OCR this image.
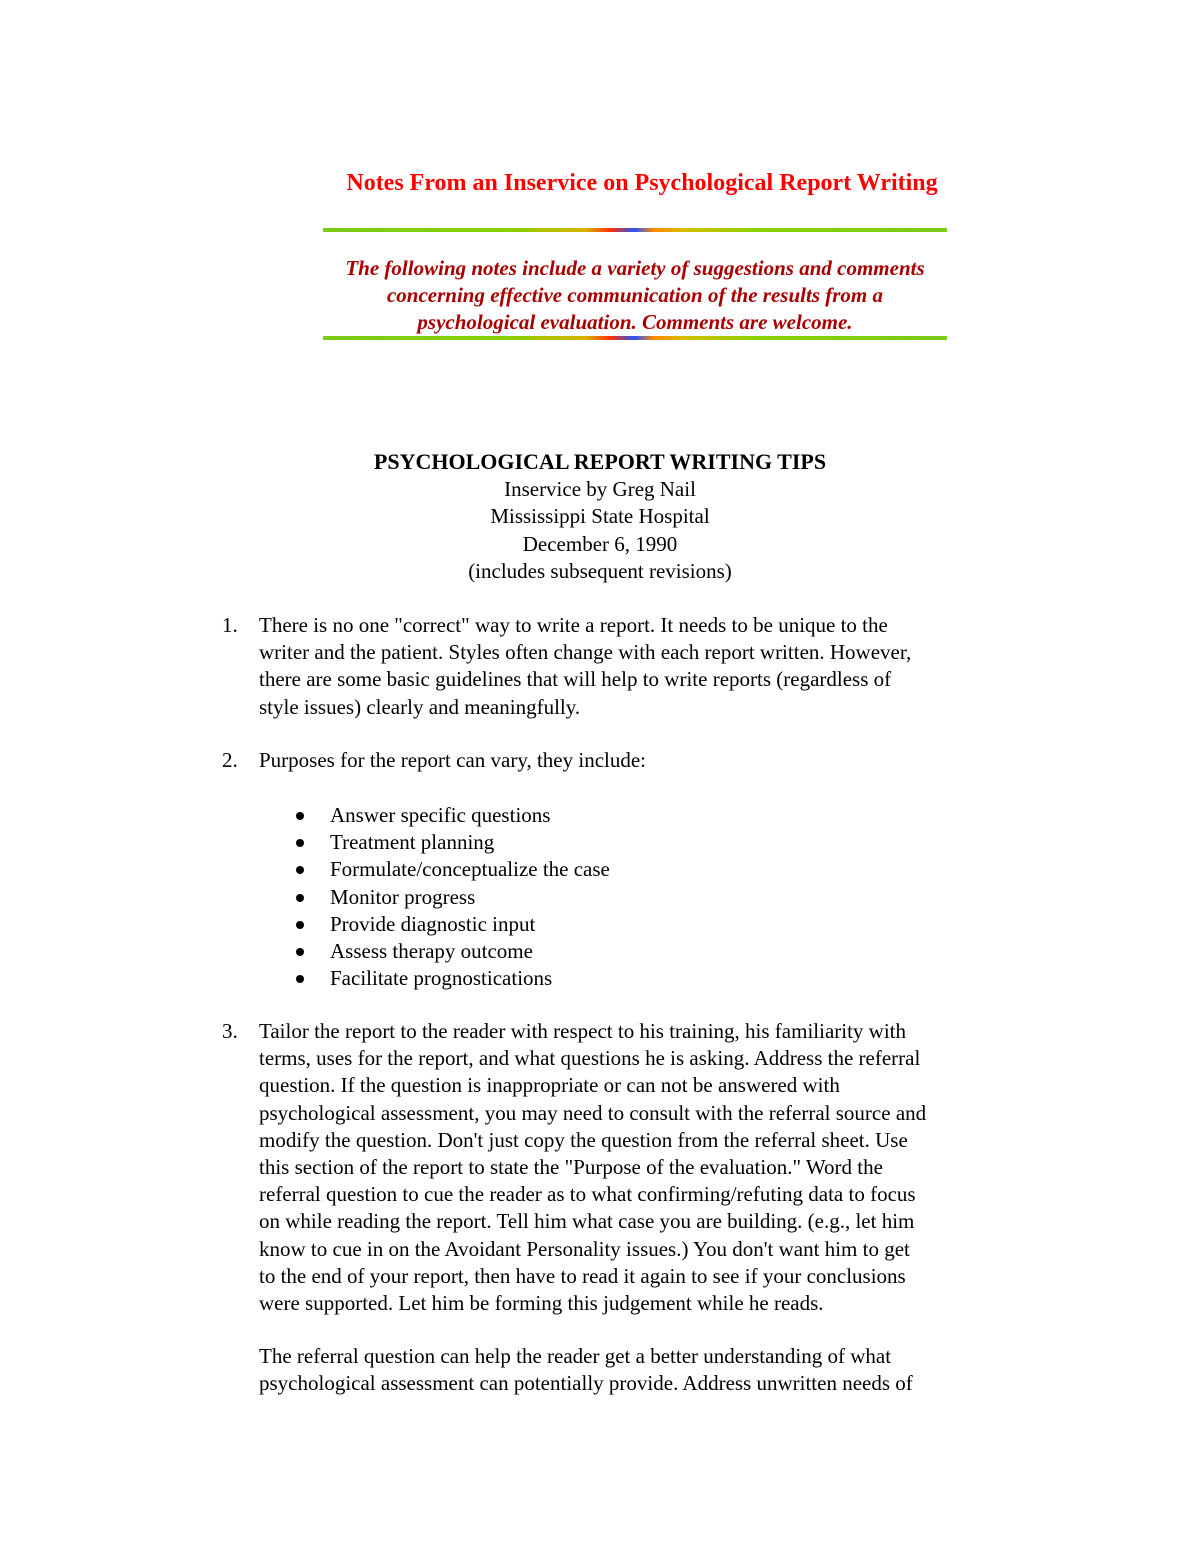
Notes From an Inservice on Psychological Report Writing
The following notes include a variety of suggestions and comments
concerning effective communication of the results from a
psychological evaluation. Comments are welcome.
PSYCHOLOGICAL REPORT WRITING TIPS
Inservice by Greg Nail
Mississippi State Hospital
December 6, 1990
(includes subsequent revisions)
1. There is no one "correct" way to write a report. It needs to be unique to the
writer and the patient. Styles often change with each report written. However,
there are some basic guidelines that will help to write reports (regardless of
style issues) clearly and meaningfully.
2. Purposes for the report can vary, they include:
Answer specific questions
Treatment planning
Formulate/conceptualize the case
Monitor progress
Provide diagnostic input
Assess therapy outcome
Facilitate prognostications
3. Tailor the report to the reader with respect to his training, his familiarity with
terms, uses for the report, and what questions he is asking. Address the referral
question. If the question is inappropriate or can not be answered with
psychological assessment, you may need to consult with the referral source and
modify the question. Don't just copy the question from the referral sheet. Use
this section of the report to state the "Purpose of the evaluation." Word the
referral question to cue the reader as to what confirming/refuting data to focus
on while reading the report. Tell him what case you are building. (e.g., let him
know to cue in on the Avoidant Personality issues.) You don't want him to get
to the end of your report, then have to read it again to see if your conclusions
were supported. Let him be forming this judgement while he reads.
The referral question can help the reader get a better understanding of what
psychological assessment can potentially provide. Address unwritten needs of
